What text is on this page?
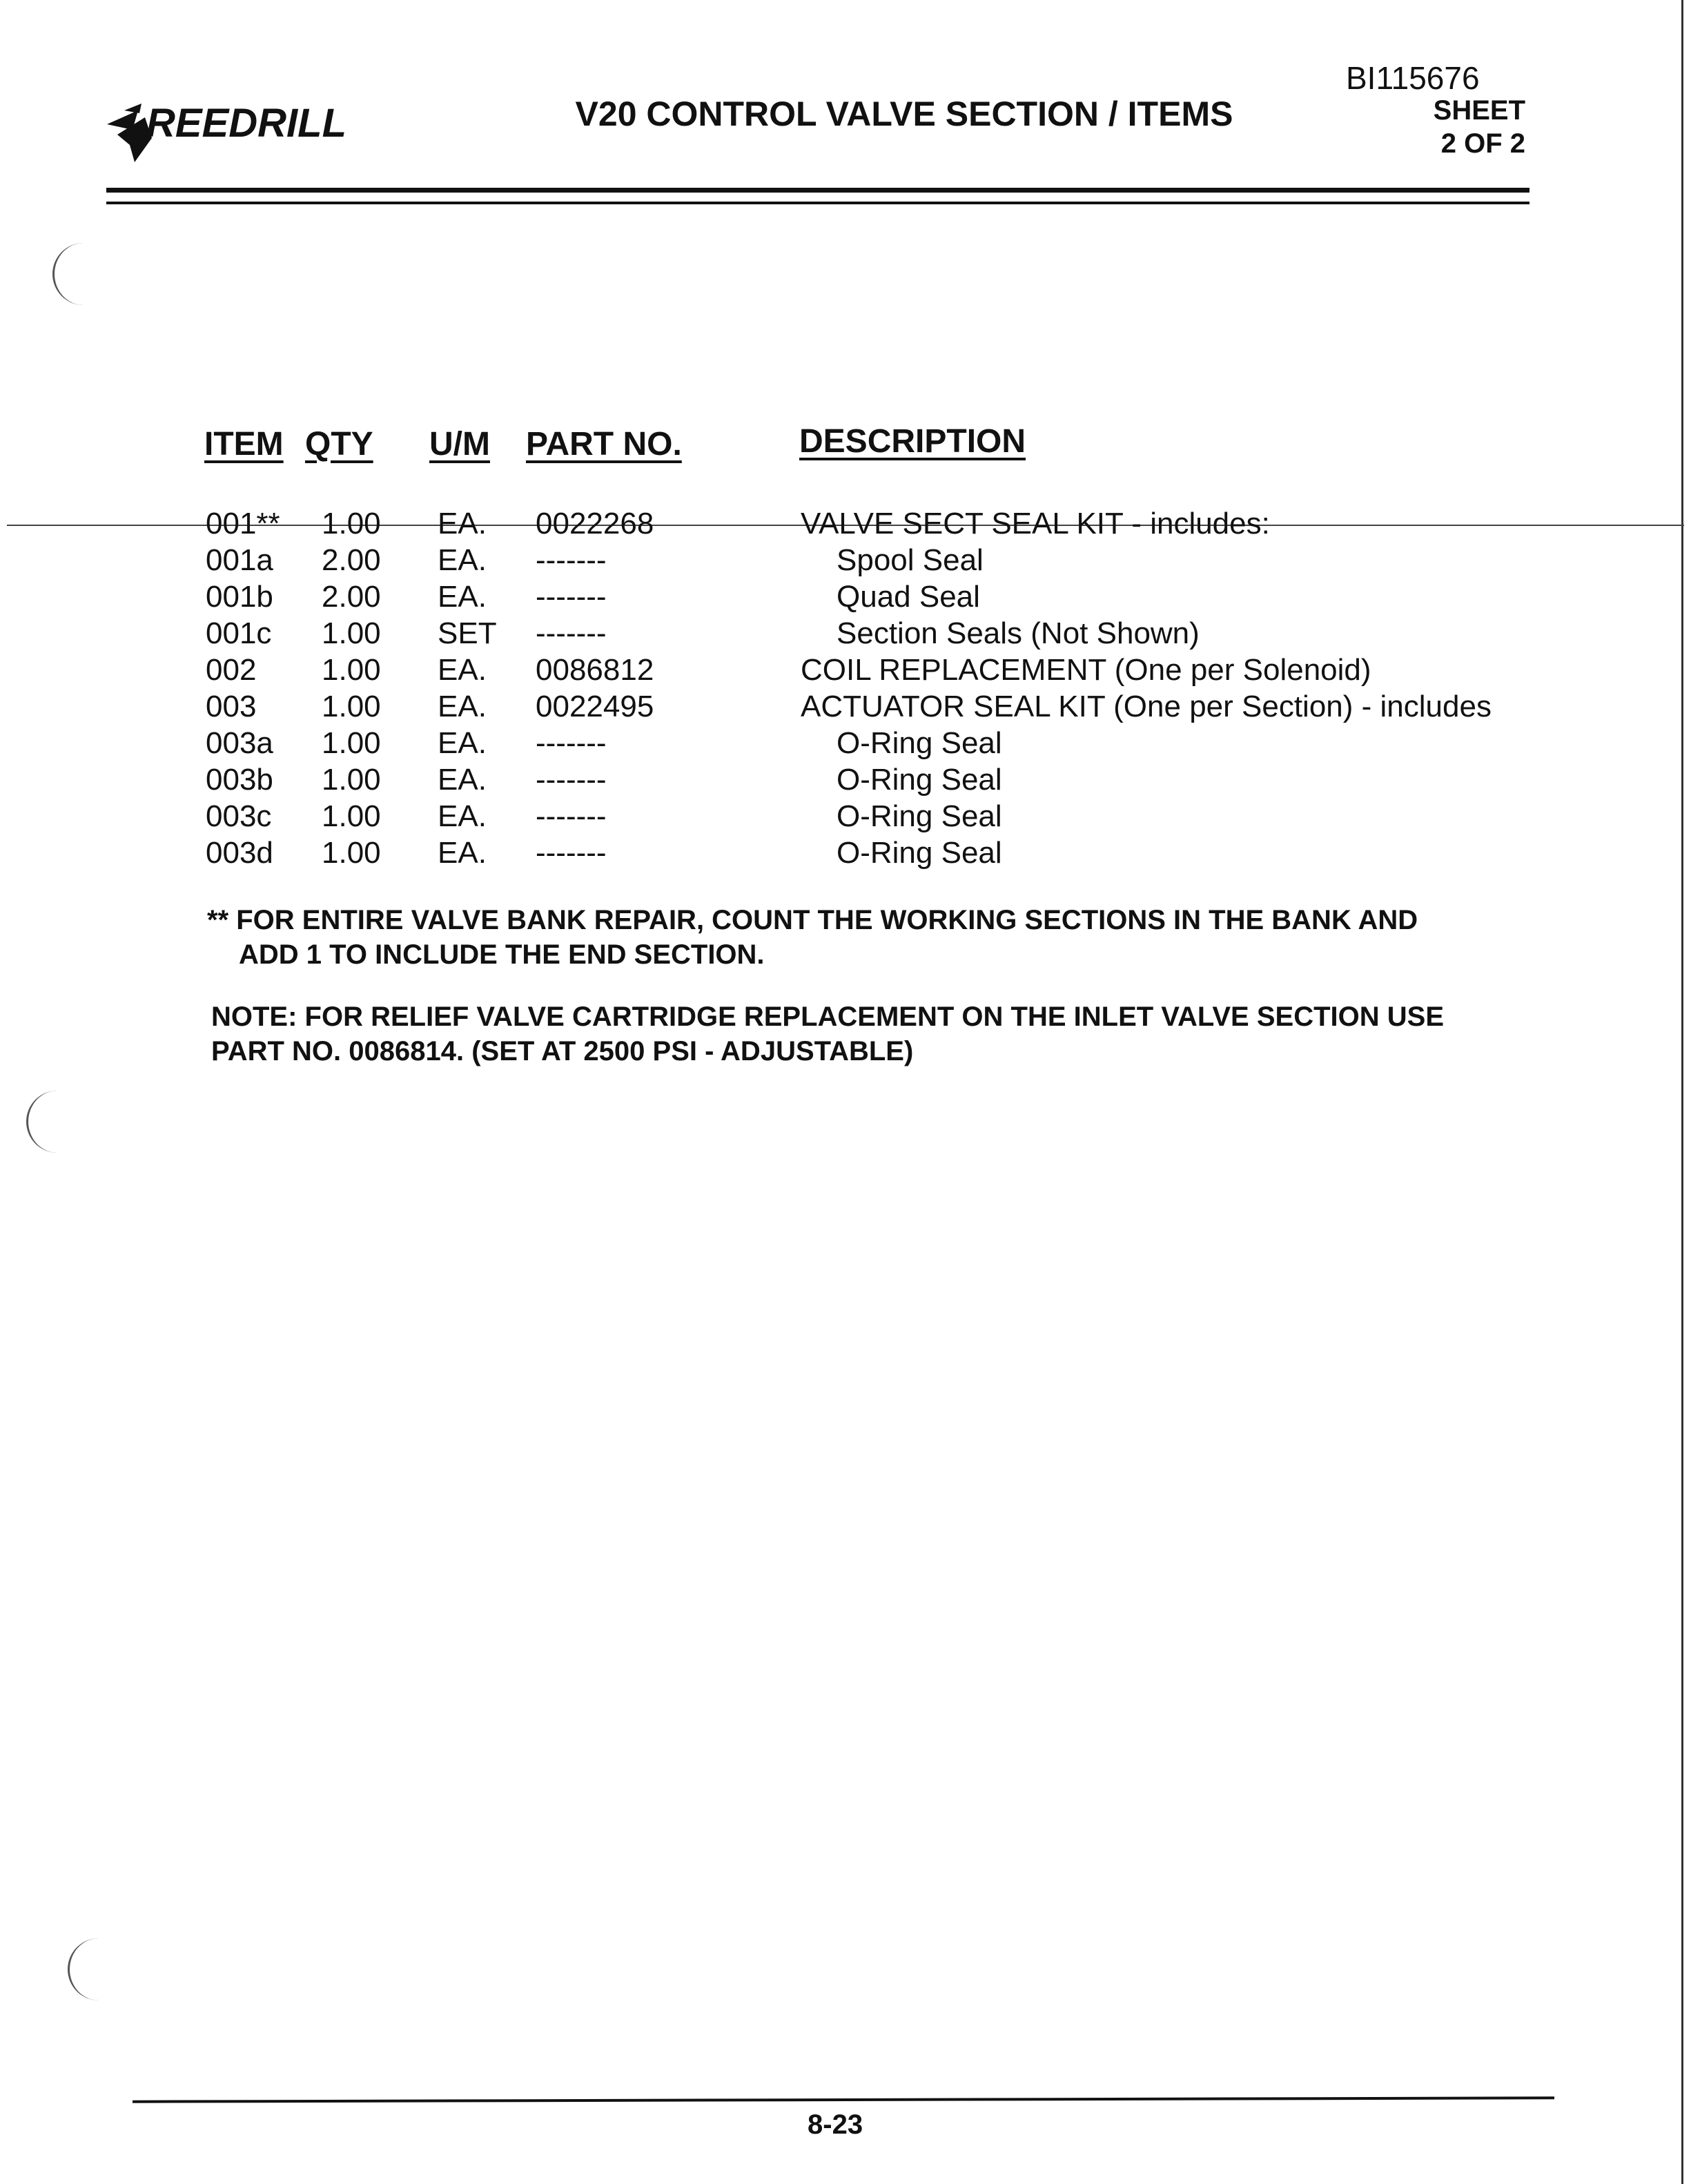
REEDRILL	V20 CONTROL VALVE SECTION / ITEMS
BI115676
SHEET
2 OF 2
ITEM QTY U/M PART NO.	DESCRIPTION
001** 1.00 EA. 0022268	VALVE SECT SEAL KIT - includes:
001a 2.00 EA. -------	Spool Seal
001b 2.00 EA. -------	Quad Seal
001c 1.00 SET -------	Section Seals (Not Shown)
002 1.00 EA. 0086812	COIL REPLACEMENT (One per Solenoid)
003 1.00 EA. 0022495	ACTUATOR SEAL KIT (One per Section) - includes
003a 1.00 EA. -------	O-Ring Seal
003b 1.00 EA. -------	O-Ring Seal
003c 1.00 EA. -------	O-Ring Seal
003d 1.00 EA. -------	O-Ring Seal
** FOR ENTIRE VALVE BANK REPAIR, COUNT THE WORKING SECTIONS IN THE BANK AND
ADD 1 TO INCLUDE THE END SECTION.
NOTE: FOR RELIEF VALVE CARTRIDGE REPLACEMENT ON THE INLET VALVE SECTION USE
PART NO. 0086814. (SET AT 2500 PSI - ADJUSTABLE)
8-23
